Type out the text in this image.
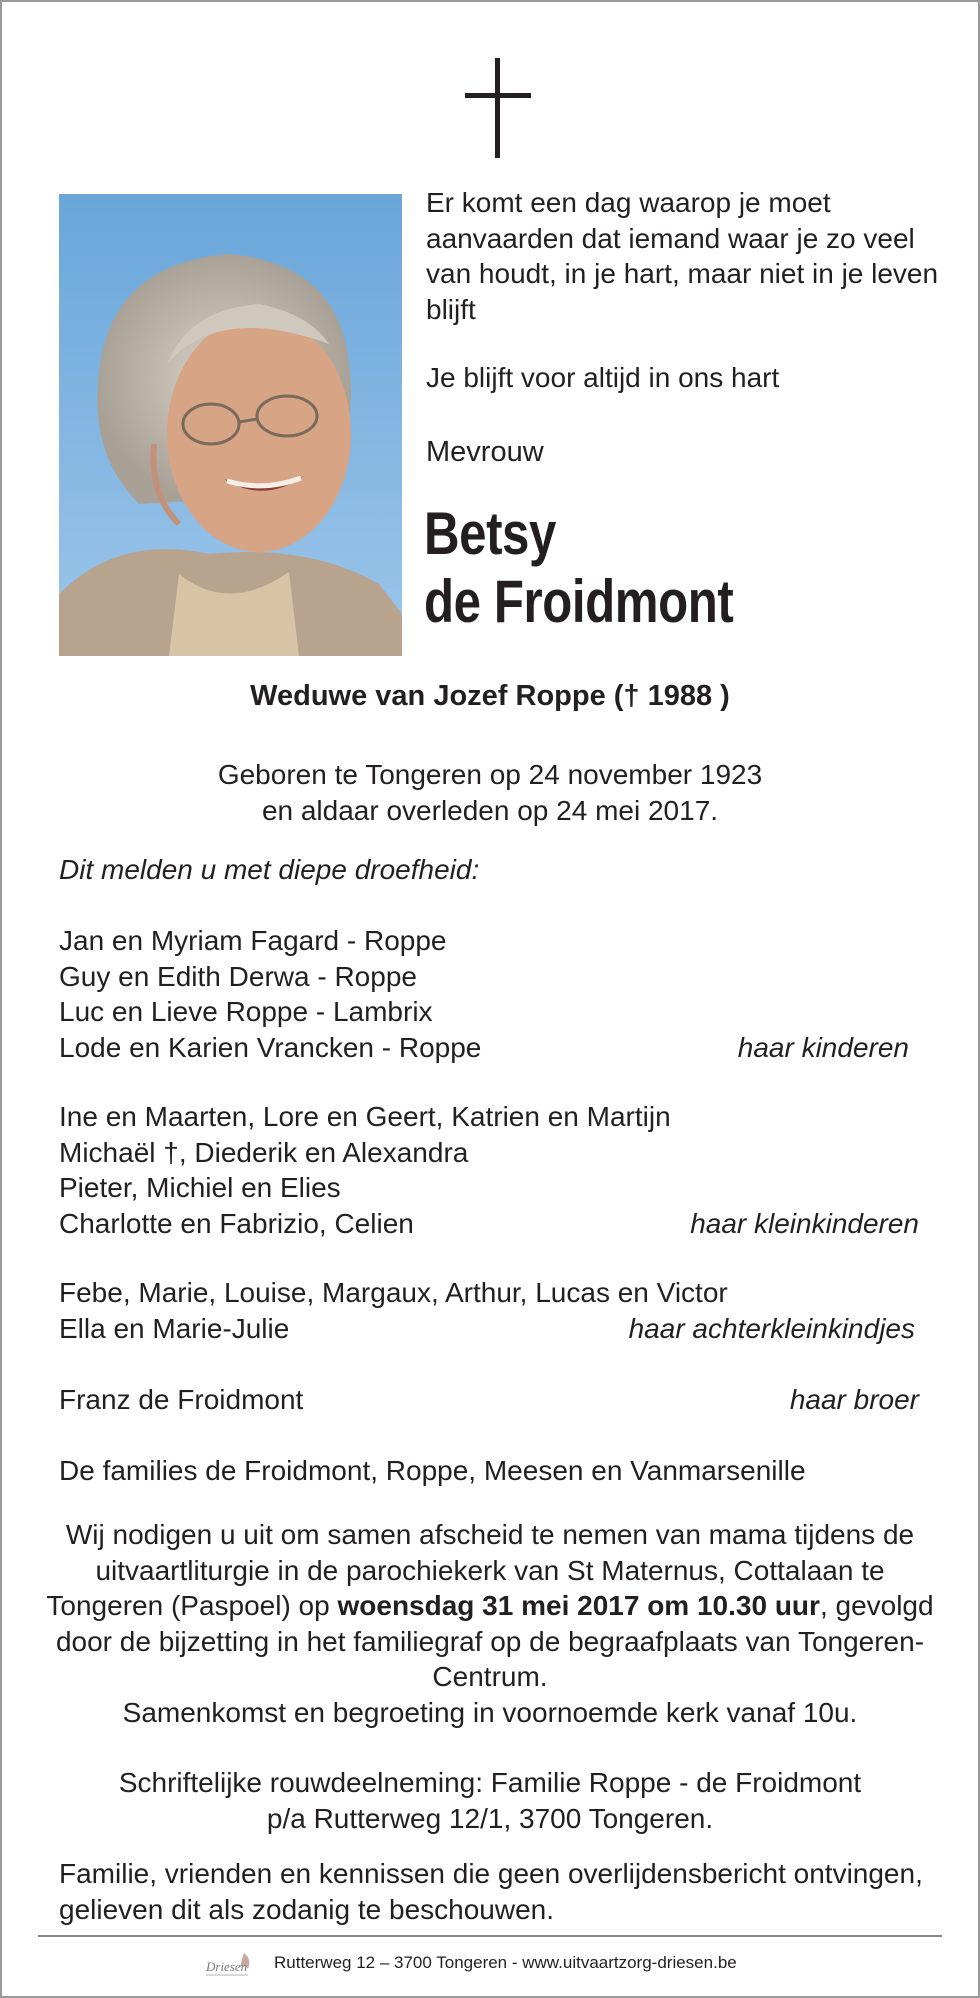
Er komt een dag waarop je moet aanvaarden dat iemand waar je zo veel van houdt, in je hart, maar niet in je leven blijft

Je blijft voor altijd in ons hart

Mevrouw
Betsy
de Froidmont
Weduwe van Jozef Roppe († 1988 )
Geboren te Tongeren op 24 november 1923
en aldaar overleden op 24 mei 2017.
Dit melden u met diepe droefheid:
Jan en Myriam Fagard - Roppe
Guy en Edith Derwa - Roppe
Luc en Lieve Roppe - Lambrix
Lode en Karien Vrancken - Roppe	haar kinderen
Ine en Maarten, Lore en Geert, Katrien en Martijn
Michaël †, Diederik en Alexandra
Pieter, Michiel en Elies
Charlotte en Fabrizio, Celien	haar kleinkinderen
Febe, Marie, Louise, Margaux, Arthur, Lucas en Victor
Ella en Marie-Julie	haar achterkleinkindjes
Franz de Froidmont	haar broer
De families de Froidmont, Roppe, Meesen en Vanmarsenille
Wij nodigen u uit om samen afscheid te nemen van mama tijdens de uitvaartliturgie in de parochiekerk van St Maternus, Cottalaan te Tongeren (Paspoel) op woensdag 31 mei 2017 om 10.30 uur, gevolgd door de bijzetting in het familiegraf op de begraafplaats van Tongeren-Centrum.
Samenkomst en begroeting in voornoemde kerk vanaf 10u.
Schriftelijke rouwdeelneming: Familie Roppe - de Froidmont
p/a Rutterweg 12/1, 3700 Tongeren.
Familie, vrienden en kennissen die geen overlijdensbericht ontvingen, gelieven dit als zodanig te beschouwen.
Driesen Rutterweg 12 – 3700 Tongeren - www.uitvaartzorg-driesen.be
